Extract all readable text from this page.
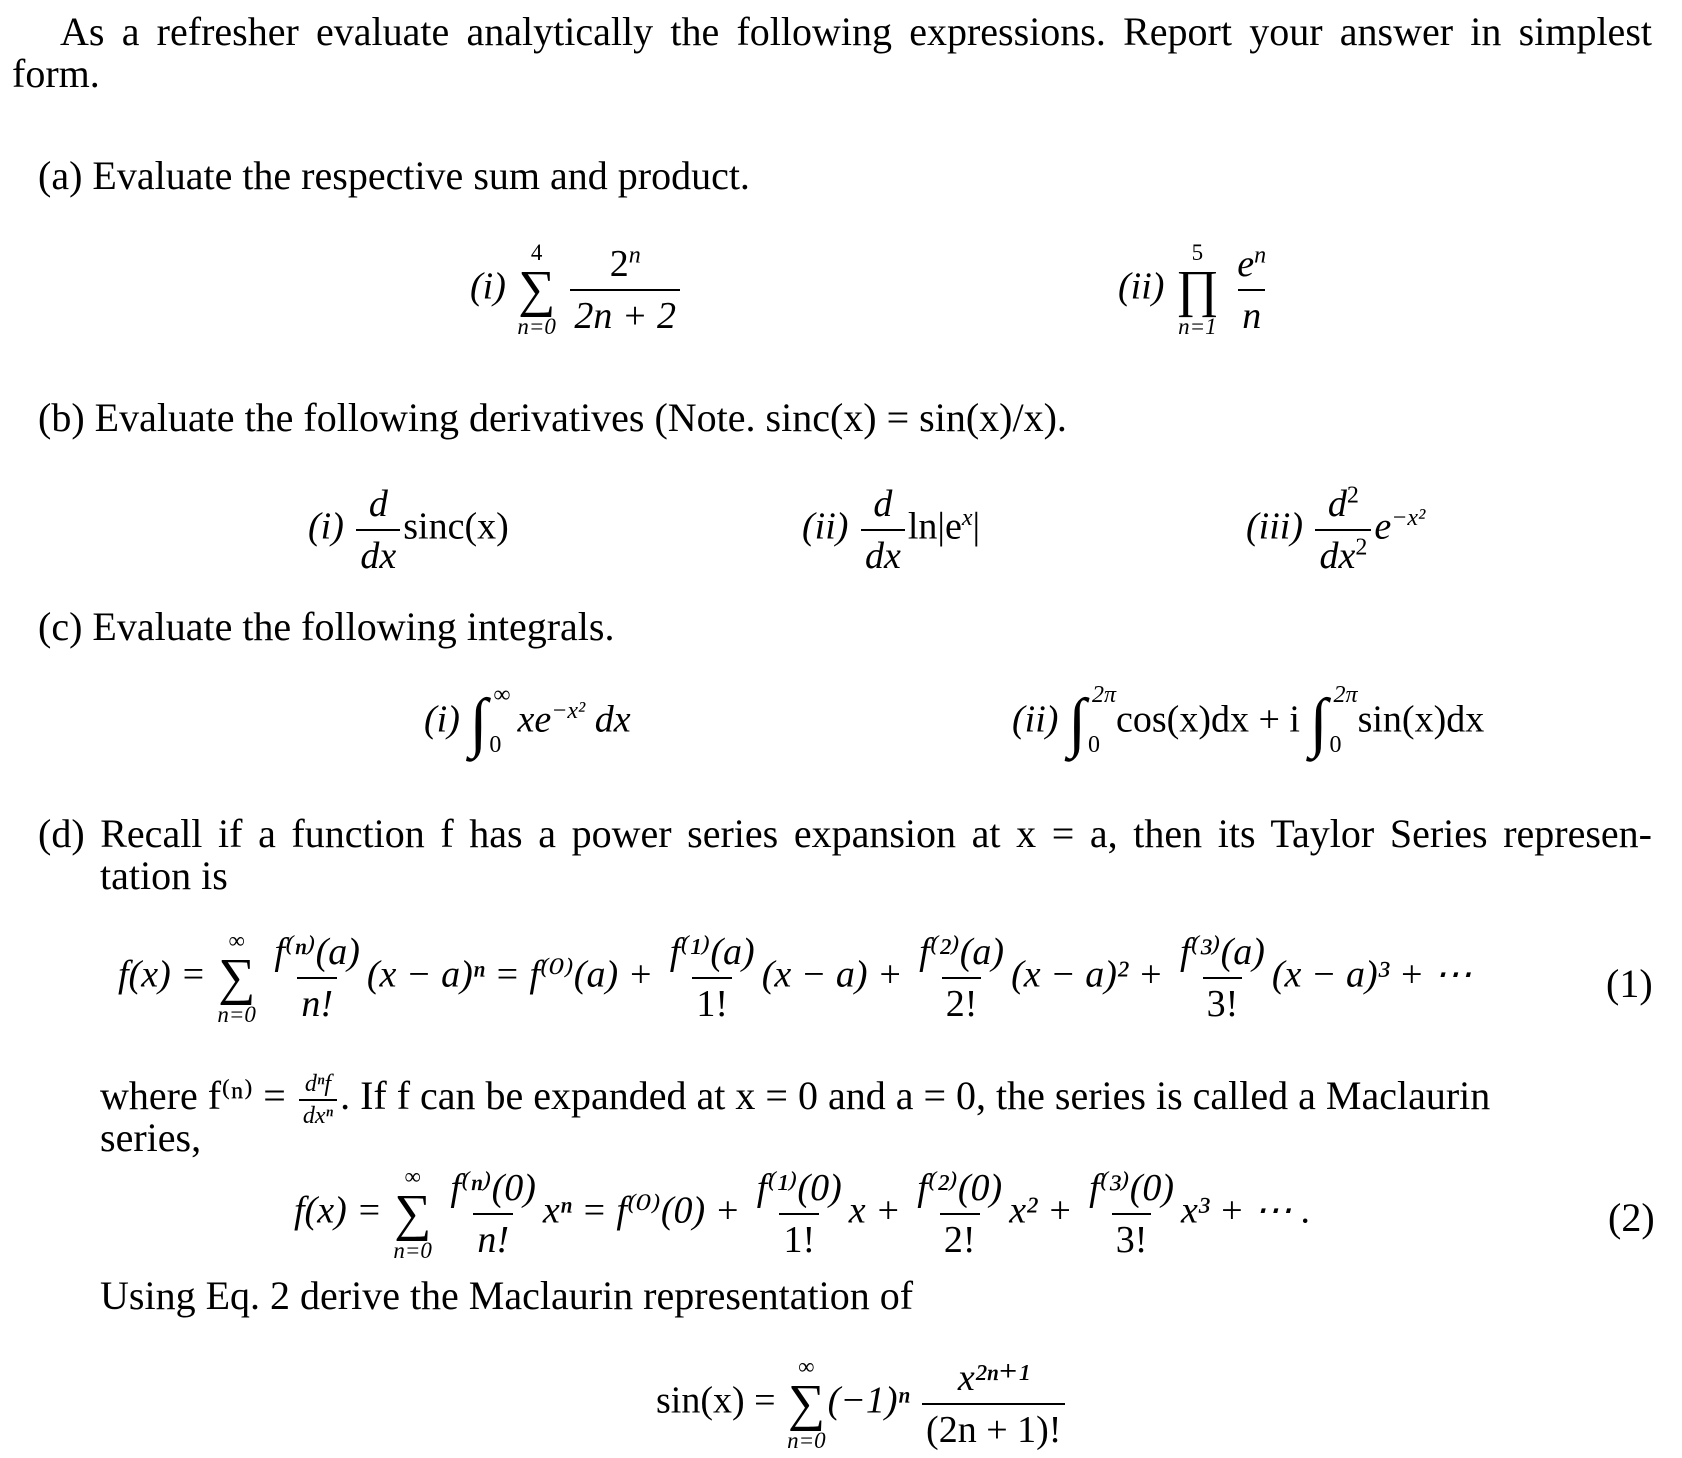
As a refresher evaluate analytically the following expressions. Report your answer in simplest
form.
(a) Evaluate the respective sum and product.
(i)
4
∑
n=0
$\frac{2^n}{2n + 2}$	(ii)
5
∏
n=1
$\frac{e^n}{n}$
(b) Evaluate the following derivatives (Note. sinc(x) = sin(x)/x).
$(i) \frac{d}{dx} \sin c(x)$	$(ii) \frac{d}{dx} \ln|e^x|$	$(iii) \frac{d^2}{dx^2} e^{-x^2}$
(c) Evaluate the following integrals.
(i) ∫ ∞
0
$xe^{-x^2}$ dx	(ii) ∫ 2π
0
cos(x)dx + i ∫ 2π
0
sin(x)dx
(d) Recall if a function f has a power series expansion at x = a, then its Taylor Series represen-
tation is
f(x) =
∞
∑
n=0
$\frac{\text{f⁽ⁿ⁾(a)}}{n!} (x - a)^n = f^{(0)}(a) + \frac{\text{f⁽¹⁾(a)}}{1!} (x - a) + \frac{\text{f⁽²⁾(a)}}{2!} (x - a)^2 + \frac{\text{f⁽³⁾(a)}}{3!} (x - a)^3$ + ⋯	(1)
where $f^{(n)} = \frac{\text{dⁿf}}{\text{dxⁿ}}$ . If f can be expanded at x = 0 and a = 0, the series is called a Maclaurin
series,
f(x) =
∞
∑
n=0
$\frac{\text{f⁽ⁿ⁾(0)}}{n!}$ $x^n = f^{(0)}(0) + \frac{\text{f⁽¹⁾(0)}}{1!}$ $x + \frac{\text{f⁽²⁾(0)}}{2!} x^2 + \frac{\text{f⁽³⁾(0)}}{3!} x^3$ + ⋯ .	(2)
Using Eq. 2 derive the Maclaurin representation of
sin(x) =
∞
∑
n=0
$(-1)^n \frac{\text{x²ⁿ⁺¹}}{(2n + 1)!}$
